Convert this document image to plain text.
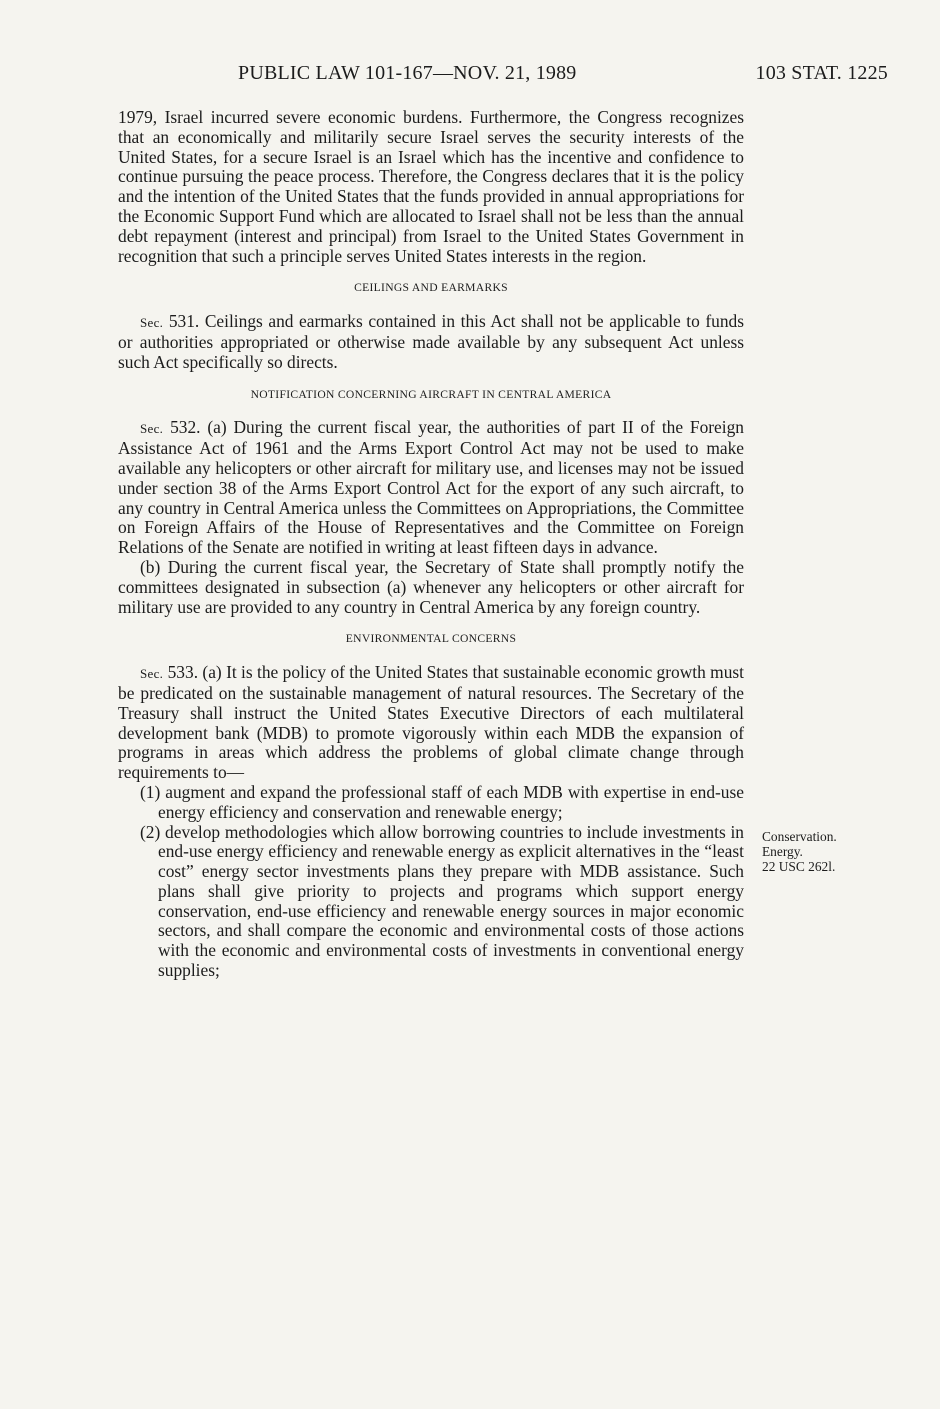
PUBLIC LAW 101-167—NOV. 21, 1989	103 STAT. 1225

1979, Israel incurred severe economic burdens. Furthermore, the Congress recognizes that an economically and militarily secure Israel serves the security interests of the United States, for a secure Israel is an Israel which has the incentive and confidence to continue pursuing the peace process. Therefore, the Congress declares that it is the policy and the intention of the United States that the funds provided in annual appropriations for the Economic Support Fund which are allocated to Israel shall not be less than the annual debt repayment (interest and principal) from Israel to the United States Government in recognition that such a principle serves United States interests in the region.

CEILINGS AND EARMARKS

Sec. 531. Ceilings and earmarks contained in this Act shall not be applicable to funds or authorities appropriated or otherwise made available by any subsequent Act unless such Act specifically so directs.

NOTIFICATION CONCERNING AIRCRAFT IN CENTRAL AMERICA

Sec. 532. (a) During the current fiscal year, the authorities of part II of the Foreign Assistance Act of 1961 and the Arms Export Control Act may not be used to make available any helicopters or other aircraft for military use, and licenses may not be issued under section 38 of the Arms Export Control Act for the export of any such aircraft, to any country in Central America unless the Committees on Appropriations, the Committee on Foreign Affairs of the House of Representatives and the Committee on Foreign Relations of the Senate are notified in writing at least fifteen days in advance.

(b) During the current fiscal year, the Secretary of State shall promptly notify the committees designated in subsection (a) whenever any helicopters or other aircraft for military use are provided to any country in Central America by any foreign country.

ENVIRONMENTAL CONCERNS

Sec. 533. (a) It is the policy of the United States that sustainable economic growth must be predicated on the sustainable management of natural resources. The Secretary of the Treasury shall instruct the United States Executive Directors of each multilateral development bank (MDB) to promote vigorously within each MDB the expansion of programs in areas which address the problems of global climate change through requirements to—

(1) augment and expand the professional staff of each MDB with expertise in end-use energy efficiency and conservation and renewable energy;

(2) develop methodologies which allow borrowing countries to include investments in end-use energy efficiency and renewable energy as explicit alternatives in the “least cost” energy sector investments plans they prepare with MDB assistance. Such plans shall give priority to projects and programs which support energy conservation, end-use efficiency and renewable energy sources in major economic sectors, and shall compare the economic and environmental costs of those actions with the economic and environmental costs of investments in conventional energy supplies;

Conservation.
Energy.
22 USC 262l.
